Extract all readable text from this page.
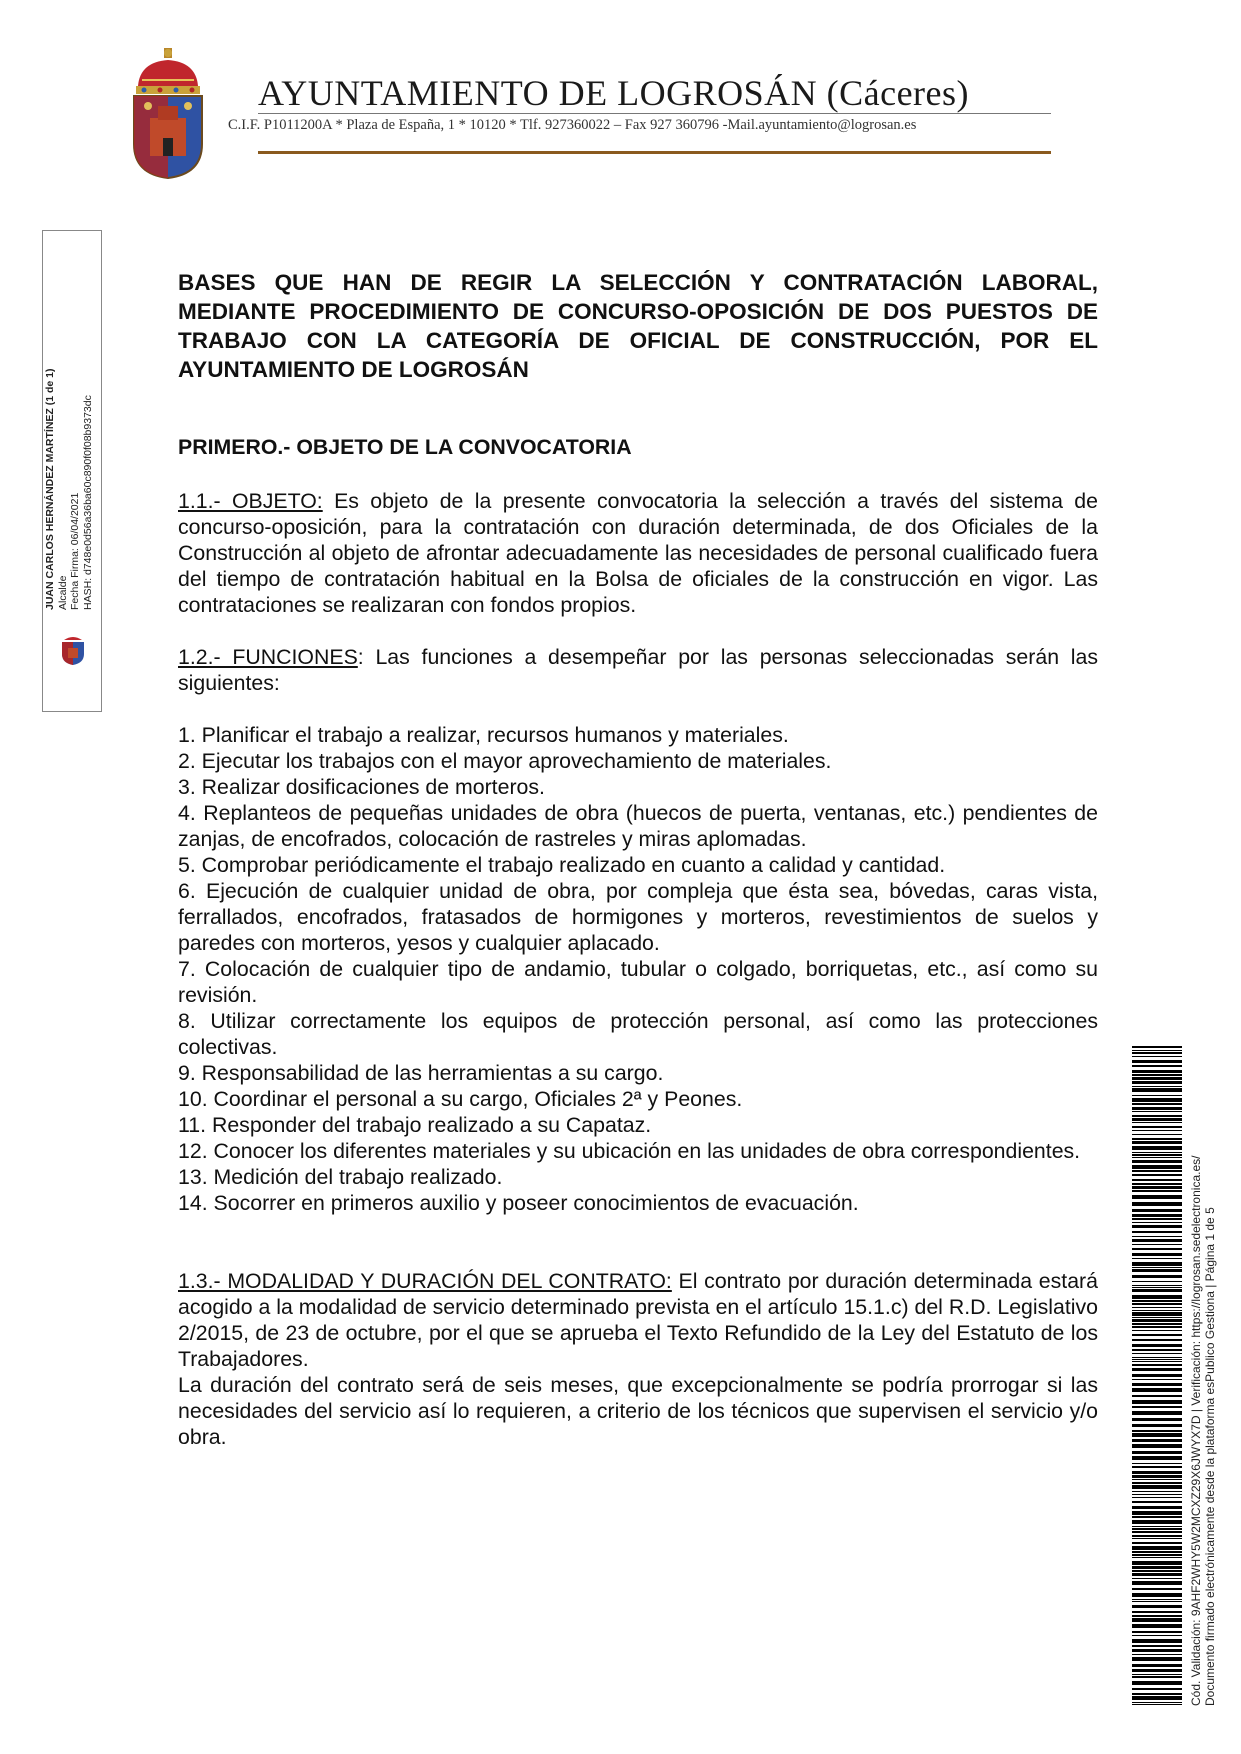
AYUNTAMIENTO DE LOGROSÁN (Cáceres)
C.I.F. P1011200A * Plaza de España, 1 * 10120 * Tlf. 927360022 – Fax 927 360796 -Mail.ayuntamiento@logrosan.es
JUAN CARLOS HERNÁNDEZ MARTÍNEZ (1 de 1) Alcalde Fecha Firma: 06/04/2021 HASH: d748e0d56a36ba60c890f0f08b9373dc

BASES QUE HAN DE REGIR LA SELECCIÓN Y CONTRATACIÓN LABORAL, MEDIANTE PROCEDIMIENTO DE CONCURSO-OPOSICIÓN DE DOS PUESTOS DE TRABAJO CON LA CATEGORÍA DE OFICIAL DE CONSTRUCCIÓN, POR EL AYUNTAMIENTO DE LOGROSÁN

PRIMERO.- OBJETO DE LA CONVOCATORIA

1.1.- OBJETO: Es objeto de la presente convocatoria la selección a través del sistema de concurso-oposición, para la contratación con duración determinada, de dos Oficiales de la Construcción al objeto de afrontar adecuadamente las necesidades de personal cualificado fuera del tiempo de contratación habitual en la Bolsa de oficiales de la construcción en vigor. Las contrataciones se realizaran con fondos propios.

1.2.- FUNCIONES: Las funciones a desempeñar por las personas seleccionadas serán las siguientes:

1. Planificar el trabajo a realizar, recursos humanos y materiales.

2. Ejecutar los trabajos con el mayor aprovechamiento de materiales.

3. Realizar dosificaciones de morteros.

4. Replanteos de pequeñas unidades de obra (huecos de puerta, ventanas, etc.) pendientes de zanjas, de encofrados, colocación de rastreles y miras aplomadas.

5. Comprobar periódicamente el trabajo realizado en cuanto a calidad y cantidad.

6. Ejecución de cualquier unidad de obra, por compleja que ésta sea, bóvedas, caras vista, ferrallados, encofrados, fratasados de hormigones y morteros, revestimientos de suelos y paredes con morteros, yesos y cualquier aplacado.

7. Colocación de cualquier tipo de andamio, tubular o colgado, borriquetas, etc., así como su revisión.

8. Utilizar correctamente los equipos de protección personal, así como las protecciones colectivas.

9. Responsabilidad de las herramientas a su cargo.

10. Coordinar el personal a su cargo, Oficiales 2ª y Peones.

11. Responder del trabajo realizado a su Capataz.

12. Conocer los diferentes materiales y su ubicación en las unidades de obra correspondientes.

13. Medición del trabajo realizado.

14. Socorrer en primeros auxilio y poseer conocimientos de evacuación.

1.3.- MODALIDAD Y DURACIÓN DEL CONTRATO: El contrato por duración determinada estará acogido a la modalidad de servicio determinado prevista en el artículo 15.1.c) del R.D. Legislativo 2/2015, de 23 de octubre, por el que se aprueba el Texto Refundido de la Ley del Estatuto de los Trabajadores.

La duración del contrato será de seis meses, que excepcionalmente se podría prorrogar si las necesidades del servicio así lo requieren, a criterio de los técnicos que supervisen el servicio y/o obra.	Cód. Validación: 9AHF2WHY5W2MCXZ29X6JWYX7D | Verificación: https://logrosan.sedelectronica.es/ Documento firmado electrónicamente desde la plataforma esPublico Gestiona | Página 1 de 5
